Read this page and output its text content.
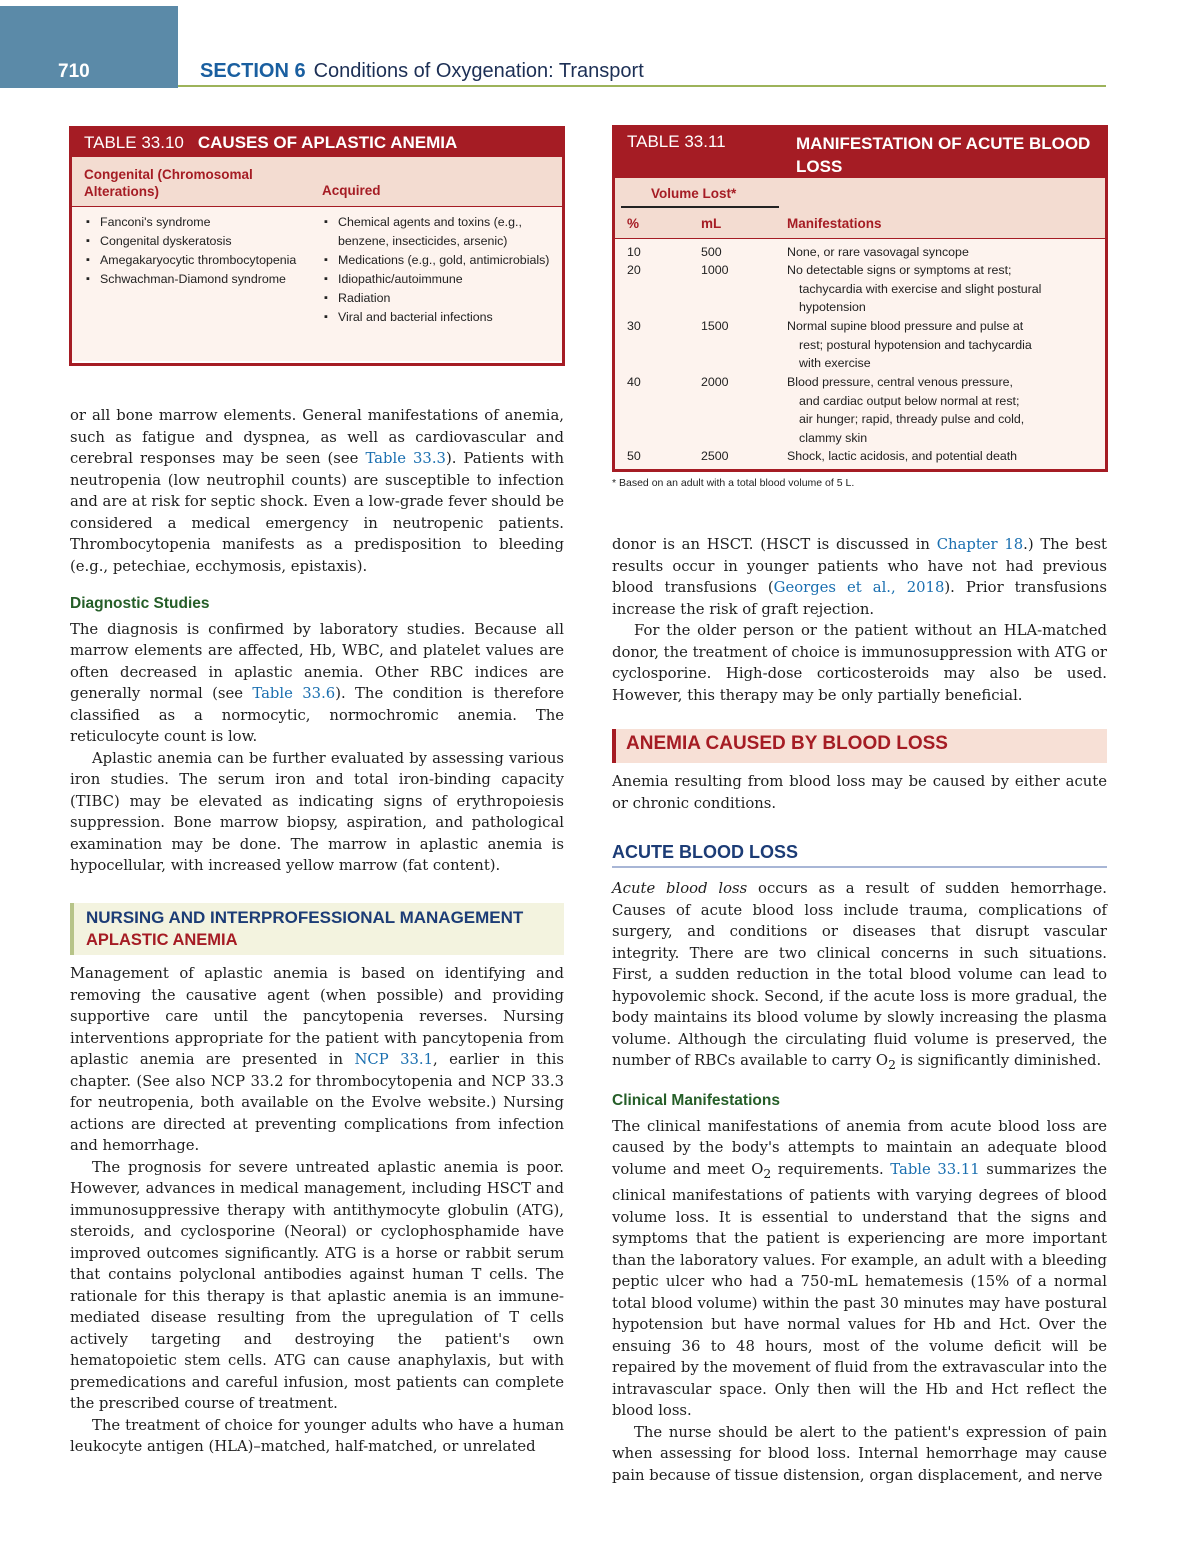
710	SECTION 6 Conditions of Oxygenation: Transport
TABLE 33.10 CAUSES OF APLASTIC ANEMIA
Congenital (Chromosomal Alterations)	Acquired
▪ Fanconi's syndrome
▪ Congenital dyskeratosis
▪ Amegakaryocytic thrombocytopenia
▪ Schwachman-Diamond syndrome
▪ Chemical agents and toxins (e.g., benzene, insecticides, arsenic)
▪ Medications (e.g., gold, antimicrobials)
▪ Idiopathic/autoimmune
▪ Radiation
▪ Viral and bacterial infections
TABLE 33.11	MANIFESTATION OF ACUTE BLOOD LOSS
Volume Lost*
%	mL	Manifestations
10	500	None, or rare vasovagal syncope
20	1000	No detectable signs or symptoms at rest;
tachycardia with exercise and slight postural
hypotension
30	1500	Normal supine blood pressure and pulse at
rest; postural hypotension and tachycardia
with exercise
40	2000	Blood pressure, central venous pressure,
and cardiac output below normal at rest;
air hunger; rapid, thready pulse and cold,
clammy skin
50	2500	Shock, lactic acidosis, and potential death
* Based on an adult with a total blood volume of 5 L.

or all bone marrow elements. General manifestations of anemia, such as fatigue and dyspnea, as well as cardiovascular and cerebral responses may be seen (see Table 33.3). Patients with neutropenia (low neutrophil counts) are susceptible to infection and are at risk for septic shock. Even a low-grade fever should be considered a medical emergency in neutropenic patients. Thrombocytopenia manifests as a predisposition to bleeding (e.g., petechiae, ecchymosis, epistaxis).

Diagnostic Studies

The diagnosis is confirmed by laboratory studies. Because all marrow elements are affected, Hb, WBC, and platelet values are often decreased in aplastic anemia. Other RBC indices are generally normal (see Table 33.6). The condition is therefore classified as a normocytic, normochromic anemia. The reticulocyte count is low.

Aplastic anemia can be further evaluated by assessing various iron studies. The serum iron and total iron-binding capacity (TIBC) may be elevated as indicating signs of erythropoiesis suppression. Bone marrow biopsy, aspiration, and pathological examination may be done. The marrow in aplastic anemia is hypocellular, with increased yellow marrow (fat content).

NURSING AND INTERPROFESSIONAL MANAGEMENT
APLASTIC ANEMIA

Management of aplastic anemia is based on identifying and removing the causative agent (when possible) and providing supportive care until the pancytopenia reverses. Nursing interventions appropriate for the patient with pancytopenia from aplastic anemia are presented in NCP 33.1, earlier in this chapter. (See also NCP 33.2 for thrombocytopenia and NCP 33.3 for neutropenia, both available on the Evolve website.) Nursing actions are directed at preventing complications from infection and hemorrhage.

The prognosis for severe untreated aplastic anemia is poor. However, advances in medical management, including HSCT and immunosuppressive therapy with antithymocyte globulin (ATG), steroids, and cyclosporine (Neoral) or cyclophosphamide have improved outcomes significantly. ATG is a horse or rabbit serum that contains polyclonal antibodies against human T cells. The rationale for this therapy is that aplastic anemia is an immune-mediated disease resulting from the upregulation of T cells actively targeting and destroying the patient's own hematopoietic stem cells. ATG can cause anaphylaxis, but with premedications and careful infusion, most patients can complete the prescribed course of treatment.

The treatment of choice for younger adults who have a human leukocyte antigen (HLA)–matched, half-matched, or unrelated

donor is an HSCT. (HSCT is discussed in Chapter 18.) The best results occur in younger patients who have not had previous blood transfusions (Georges et al., 2018). Prior transfusions increase the risk of graft rejection.

For the older person or the patient without an HLA-matched donor, the treatment of choice is immunosuppression with ATG or cyclosporine. High-dose corticosteroids may also be used. However, this therapy may be only partially beneficial.

ANEMIA CAUSED BY BLOOD LOSS

Anemia resulting from blood loss may be caused by either acute or chronic conditions.

ACUTE BLOOD LOSS

Acute blood loss occurs as a result of sudden hemorrhage. Causes of acute blood loss include trauma, complications of surgery, and conditions or diseases that disrupt vascular integrity. There are two clinical concerns in such situations. First, a sudden reduction in the total blood volume can lead to hypovolemic shock. Second, if the acute loss is more gradual, the body maintains its blood volume by slowly increasing the plasma volume. Although the circulating fluid volume is preserved, the number of RBCs available to carry $O_2$ is significantly diminished.

Clinical Manifestations

The clinical manifestations of anemia from acute blood loss are caused by the body's attempts to maintain an adequate blood volume and meet $O_2$ requirements. Table 33.11 summarizes the clinical manifestations of patients with varying degrees of blood volume loss. It is essential to understand that the signs and symptoms that the patient is experiencing are more important than the laboratory values. For example, an adult with a bleeding peptic ulcer who had a 750-mL hematemesis (15% of a normal total blood volume) within the past 30 minutes may have postural hypotension but have normal values for Hb and Hct. Over the ensuing 36 to 48 hours, most of the volume deficit will be repaired by the movement of fluid from the extravascular into the intravascular space. Only then will the Hb and Hct reflect the blood loss.

The nurse should be alert to the patient's expression of pain when assessing for blood loss. Internal hemorrhage may cause pain because of tissue distension, organ displacement, and nerve
